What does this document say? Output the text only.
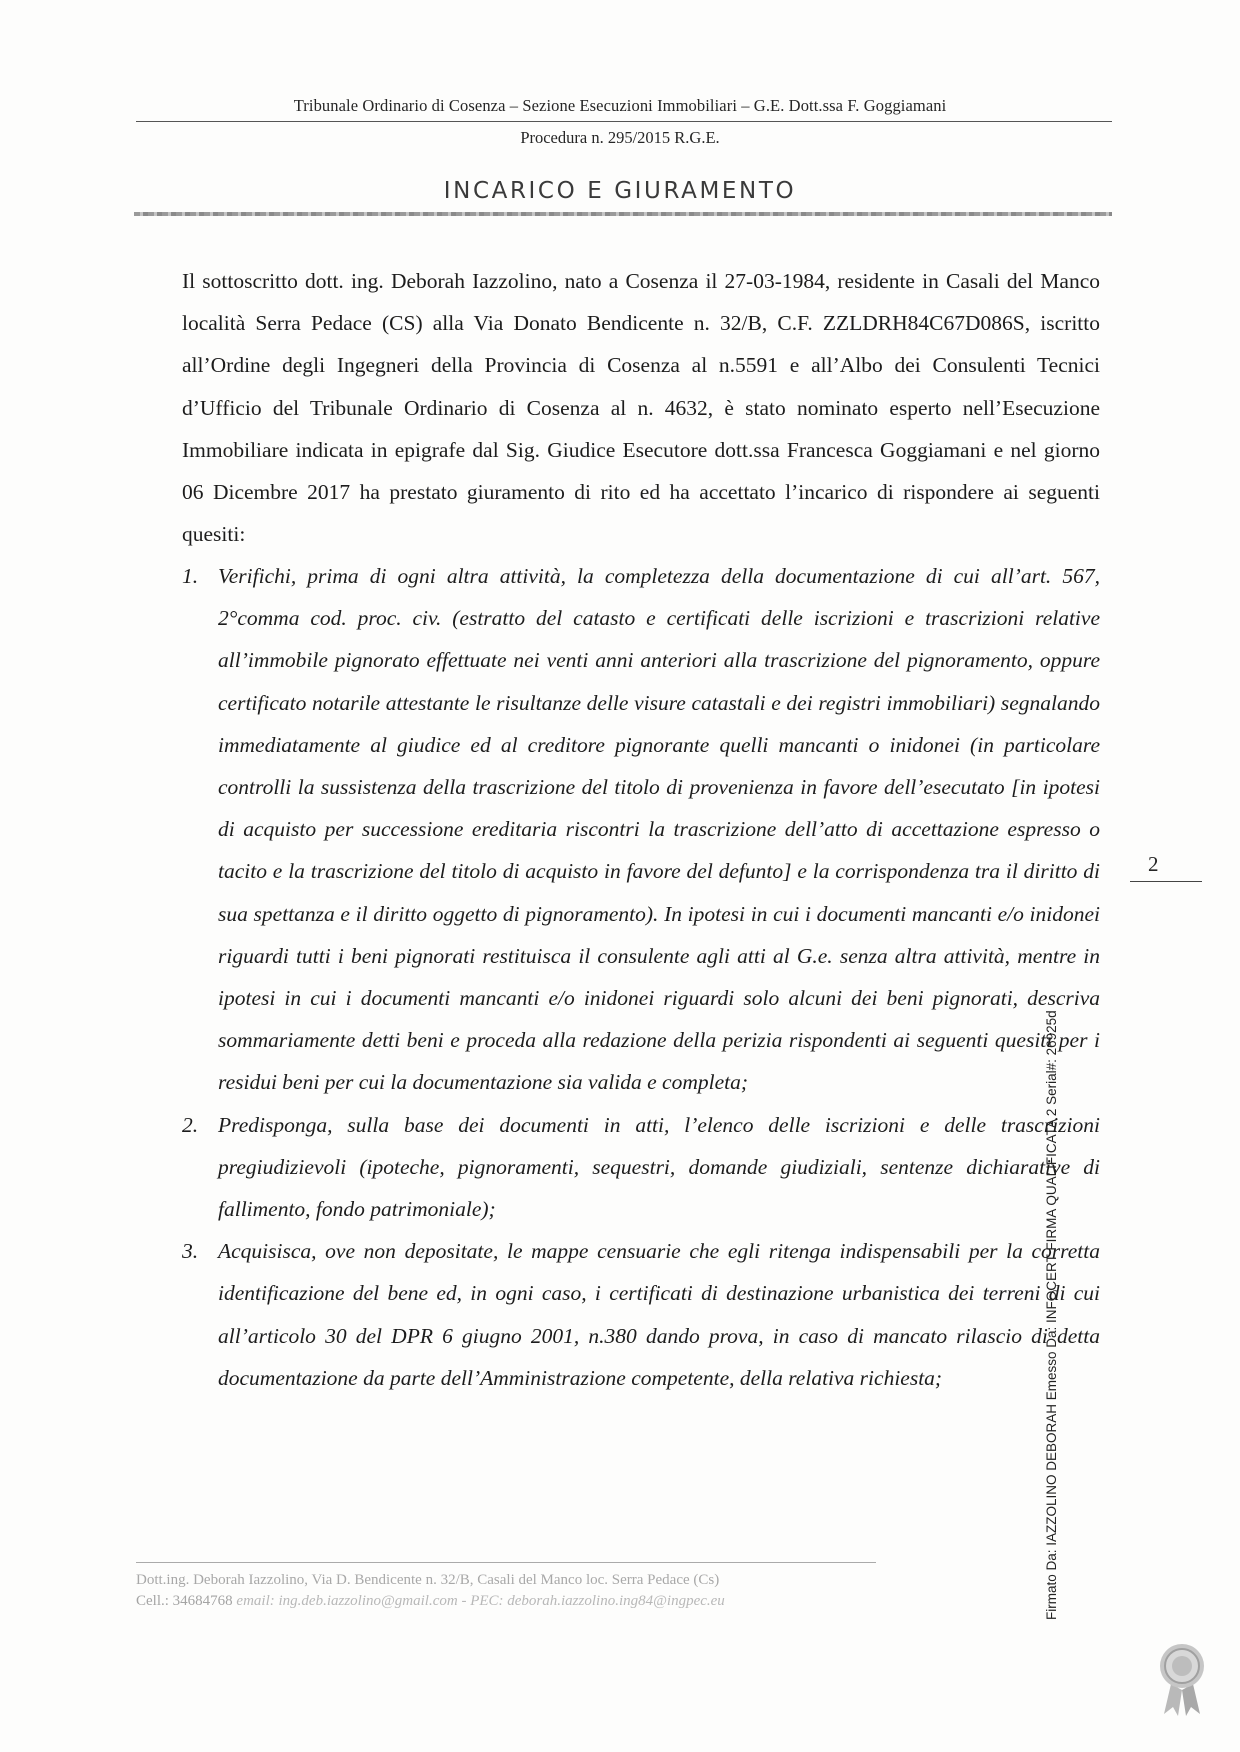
Tribunale Ordinario di Cosenza – Sezione Esecuzioni Immobiliari – G.E. Dott.ssa F. Goggiamani
Procedura n. 295/2015 R.G.E.
INCARICO E GIURAMENTO

Il sottoscritto dott. ing. Deborah Iazzolino, nato a Cosenza il 27-03-1984, residente in Casali del Manco località Serra Pedace (CS) alla Via Donato Bendicente n. 32/B, C.F. ZZLDRH84C67D086S, iscritto all’Ordine degli Ingegneri della Provincia di Cosenza al n.5591 e all’Albo dei Consulenti Tecnici d’Ufficio del Tribunale Ordinario di Cosenza al n. 4632, è stato nominato esperto nell’Esecuzione Immobiliare indicata in epigrafe dal Sig. Giudice Esecutore dott.ssa Francesca Goggiamani e nel giorno 06 Dicembre 2017 ha prestato giuramento di rito ed ha accettato l’incarico di rispondere ai seguenti quesiti:

1. Verifichi, prima di ogni altra attività, la completezza della documentazione di cui all’art. 567, 2°comma cod. proc. civ. (estratto del catasto e certificati delle iscrizioni e trascrizioni relative all’immobile pignorato effettuate nei venti anni anteriori alla trascrizione del pignoramento, oppure certificato notarile attestante le risultanze delle visure catastali e dei registri immobiliari) segnalando immediatamente al giudice ed al creditore pignorante quelli mancanti o inidonei (in particolare controlli la sussistenza della trascrizione del titolo di provenienza in favore dell’esecutato [in ipotesi di acquisto per successione ereditaria riscontri la trascrizione dell’atto di accettazione espresso o tacito e la trascrizione del titolo di acquisto in favore del defunto] e la corrispondenza tra il diritto di sua spettanza e il diritto oggetto di pignoramento). In ipotesi in cui i documenti mancanti e/o inidonei riguardi tutti i beni pignorati restituisca il consulente agli atti al G.e. senza altra attività, mentre in ipotesi in cui i documenti mancanti e/o inidonei riguardi solo alcuni dei beni pignorati, descriva sommariamente detti beni e proceda alla redazione della perizia rispondenti ai seguenti quesiti per i residui beni per cui la documentazione sia valida e completa;
2. Predisponga, sulla base dei documenti in atti, l’elenco delle iscrizioni e delle trascrizioni pregiudizievoli (ipoteche, pignoramenti, sequestri, domande giudiziali, sentenze dichiarative di fallimento, fondo patrimoniale);
3. Acquisisca, ove non depositate, le mappe censuarie che egli ritenga indispensabili per la corretta identificazione del bene ed, in ogni caso, i certificati di destinazione urbanistica dei terreni di cui all’articolo 30 del DPR 6 giugno 2001, n.380 dando prova, in caso di mancato rilascio di detta documentazione da parte dell’Amministrazione competente, della relativa richiesta;
2
Dott.ing. Deborah Iazzolino, Via D. Bendicente n. 32/B, Casali del Manco loc. Serra Pedace (Cs)
Cell.: 34684768 email: ing.deb.iazzolino@gmail.com - PEC: deborah.iazzolino.ing84@ingpec.eu	Firmato Da: IAZZOLINO DEBORAH Emesso Da: INFOCERT FIRMA QUALIFICATA 2 Serial#: 26925d
